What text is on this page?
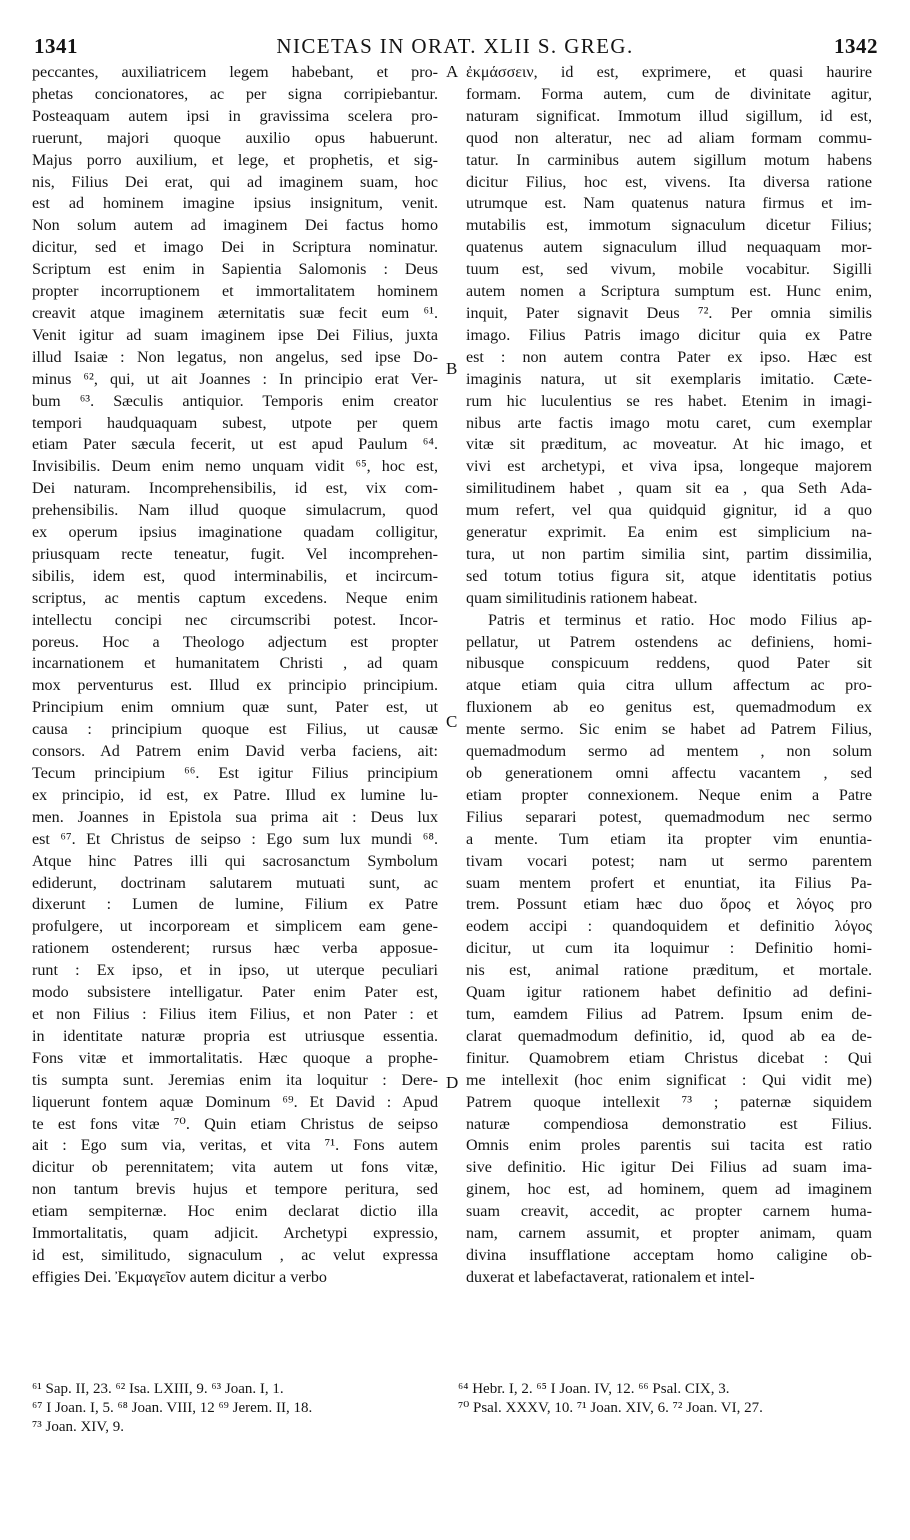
1341	NICETAS IN ORAT. XLII S. GREG.	1342
peccantes, auxiliatricem legem habebant, et pro-
phetas concionatores, ac per signa corripiebantur.
Posteaquam autem ipsi in gravissima scelera pro-
ruerunt, majori quoque auxilio opus habuerunt.
Majus porro auxilium, et lege, et prophetis, et sig-
nis, Filius Dei erat, qui ad imaginem suam, hoc
est ad hominem imagine ipsius insignitum, venit.
Non solum autem ad imaginem Dei factus homo
dicitur, sed et imago Dei in Scriptura nominatur.
Scriptum est enim in Sapientia Salomonis : Deus
propter incorruptionem et immortalitatem hominem
creavit atque imaginem æternitatis suæ fecit eum ⁶¹.
Venit igitur ad suam imaginem ipse Dei Filius, juxta
illud Isaiæ : Non legatus, non angelus, sed ipse Do-
minus ⁶², qui, ut ait Joannes : In principio erat Ver-
bum ⁶³. Sæculis antiquior. Temporis enim creator
tempori haudquaquam subest, utpote per quem
etiam Pater sæcula fecerit, ut est apud Paulum ⁶⁴.
Invisibilis. Deum enim nemo unquam vidit ⁶⁵, hoc est,
Dei naturam. Incomprehensibilis, id est, vix com-
prehensibilis. Nam illud quoque simulacrum, quod
ex operum ipsius imaginatione quadam colligitur,
priusquam recte teneatur, fugit. Vel incomprehen-
sibilis, idem est, quod interminabilis, et incircum-
scriptus, ac mentis captum excedens. Neque enim
intellectu concipi nec circumscribi potest. Incor-
poreus. Hoc a Theologo adjectum est propter
incarnationem et humanitatem Christi , ad quam
mox perventurus est. Illud ex principio principium.
Principium enim omnium quæ sunt, Pater est, ut
causa : principium quoque est Filius, ut causæ
consors. Ad Patrem enim David verba faciens, ait:
Tecum principium ⁶⁶. Est igitur Filius principium
ex principio, id est, ex Patre. Illud ex lumine lu-
men. Joannes in Epistola sua prima ait : Deus lux
est ⁶⁷. Et Christus de seipso : Ego sum lux mundi ⁶⁸.
Atque hinc Patres illi qui sacrosanctum Symbolum
ediderunt, doctrinam salutarem mutuati sunt, ac
dixerunt : Lumen de lumine, Filium ex Patre
profulgere, ut incorpoream et simplicem eam gene-
rationem ostenderent; rursus hæc verba apposue-
runt : Ex ipso, et in ipso, ut uterque peculiari
modo subsistere intelligatur. Pater enim Pater est,
et non Filius : Filius item Filius, et non Pater : et
in identitate naturæ propria est utriusque essentia.
Fons vitæ et immortalitatis. Hæc quoque a prophe-
tis sumpta sunt. Jeremias enim ita loquitur : Dere-
liquerunt fontem aquæ Dominum ⁶⁹. Et David : Apud
te est fons vitæ ⁷⁰. Quin etiam Christus de seipso
ait : Ego sum via, veritas, et vita ⁷¹. Fons autem
dicitur ob perennitatem; vita autem ut fons vitæ,
non tantum brevis hujus et tempore peritura, sed
etiam sempiternæ. Hoc enim declarat dictio illa
Immortalitatis, quam adjicit. Archetypi expressio,
id est, similitudo, signaculum , ac velut expressa
effigies Dei. Ἐκμαγεῖον autem dicitur a verbo
ἐκμάσσειν, id est, exprimere, et quasi haurire
formam. Forma autem, cum de divinitate agitur,
naturam significat. Immotum illud sigillum, id est,
quod non alteratur, nec ad aliam formam commu-
tatur. In carminibus autem sigillum motum habens
dicitur Filius, hoc est, vivens. Ita diversa ratione
utrumque est. Nam quatenus natura firmus et im-
mutabilis est, immotum signaculum dicetur Filius;
quatenus autem signaculum illud nequaquam mor-
tuum est, sed vivum, mobile vocabitur. Sigilli
autem nomen a Scriptura sumptum est. Hunc enim,
inquit, Pater signavit Deus ⁷². Per omnia similis
imago. Filius Patris imago dicitur quia ex Patre
est : non autem contra Pater ex ipso. Hæc est
imaginis natura, ut sit exemplaris imitatio. Cæte-
rum hic luculentius se res habet. Etenim in imagi-
nibus arte factis imago motu caret, cum exemplar
vitæ sit præditum, ac moveatur. At hic imago, et
vivi est archetypi, et viva ipsa, longeque majorem
similitudinem habet , quam sit ea , qua Seth Ada-
mum refert, vel qua quidquid gignitur, id a quo
generatur exprimit. Ea enim est simplicium na-
tura, ut non partim similia sint, partim dissimilia,
sed totum totius figura sit, atque identitatis potius
quam similitudinis rationem habeat.
Patris et terminus et ratio. Hoc modo Filius ap-
pellatur, ut Patrem ostendens ac definiens, homi-
nibusque conspicuum reddens, quod Pater sit
atque etiam quia citra ullum affectum ac pro-
fluxionem ab eo genitus est, quemadmodum ex
mente sermo. Sic enim se habet ad Patrem Filius,
quemadmodum sermo ad mentem , non solum
ob generationem omni affectu vacantem , sed
etiam propter connexionem. Neque enim a Patre
Filius separari potest, quemadmodum nec sermo
a mente. Tum etiam ita propter vim enuntia-
tivam vocari potest; nam ut sermo parentem
suam mentem profert et enuntiat, ita Filius Pa-
trem. Possunt etiam hæc duo ὅρος et λόγος pro
eodem accipi : quandoquidem et definitio λόγος
dicitur, ut cum ita loquimur : Definitio homi-
nis est, animal ratione præditum, et mortale.
Quam igitur rationem habet definitio ad defini-
tum, eamdem Filius ad Patrem. Ipsum enim de-
clarat quemadmodum definitio, id, quod ab ea de-
finitur. Quamobrem etiam Christus dicebat : Qui
me intellexit (hoc enim significat : Qui vidit me)
Patrem quoque intellexit ⁷³ ; paternæ siquidem
naturæ compendiosa demonstratio est Filius.
Omnis enim proles parentis sui tacita est ratio
sive definitio. Hic igitur Dei Filius ad suam ima-
ginem, hoc est, ad hominem, quem ad imaginem
suam creavit, accedit, ac propter carnem huma-
nam, carnem assumit, et propter animam, quam
divina insufflatione acceptam homo caligine ob-
duxerat et labefactaverat, rationalem et intel-
A
B
C
D
⁶¹ Sap. II, 23. ⁶² Isa. LXIII, 9. ⁶³ Joan. I, 1.
⁶⁷ I Joan. I, 5. ⁶⁸ Joan. VIII, 12 ⁶⁹ Jerem. II, 18.
⁷³ Joan. XIV, 9.
⁶⁴ Hebr. I, 2. ⁶⁵ I Joan. IV, 12. ⁶⁶ Psal. CIX, 3.
⁷⁰ Psal. XXXV, 10. ⁷¹ Joan. XIV, 6. ⁷² Joan. VI, 27.
